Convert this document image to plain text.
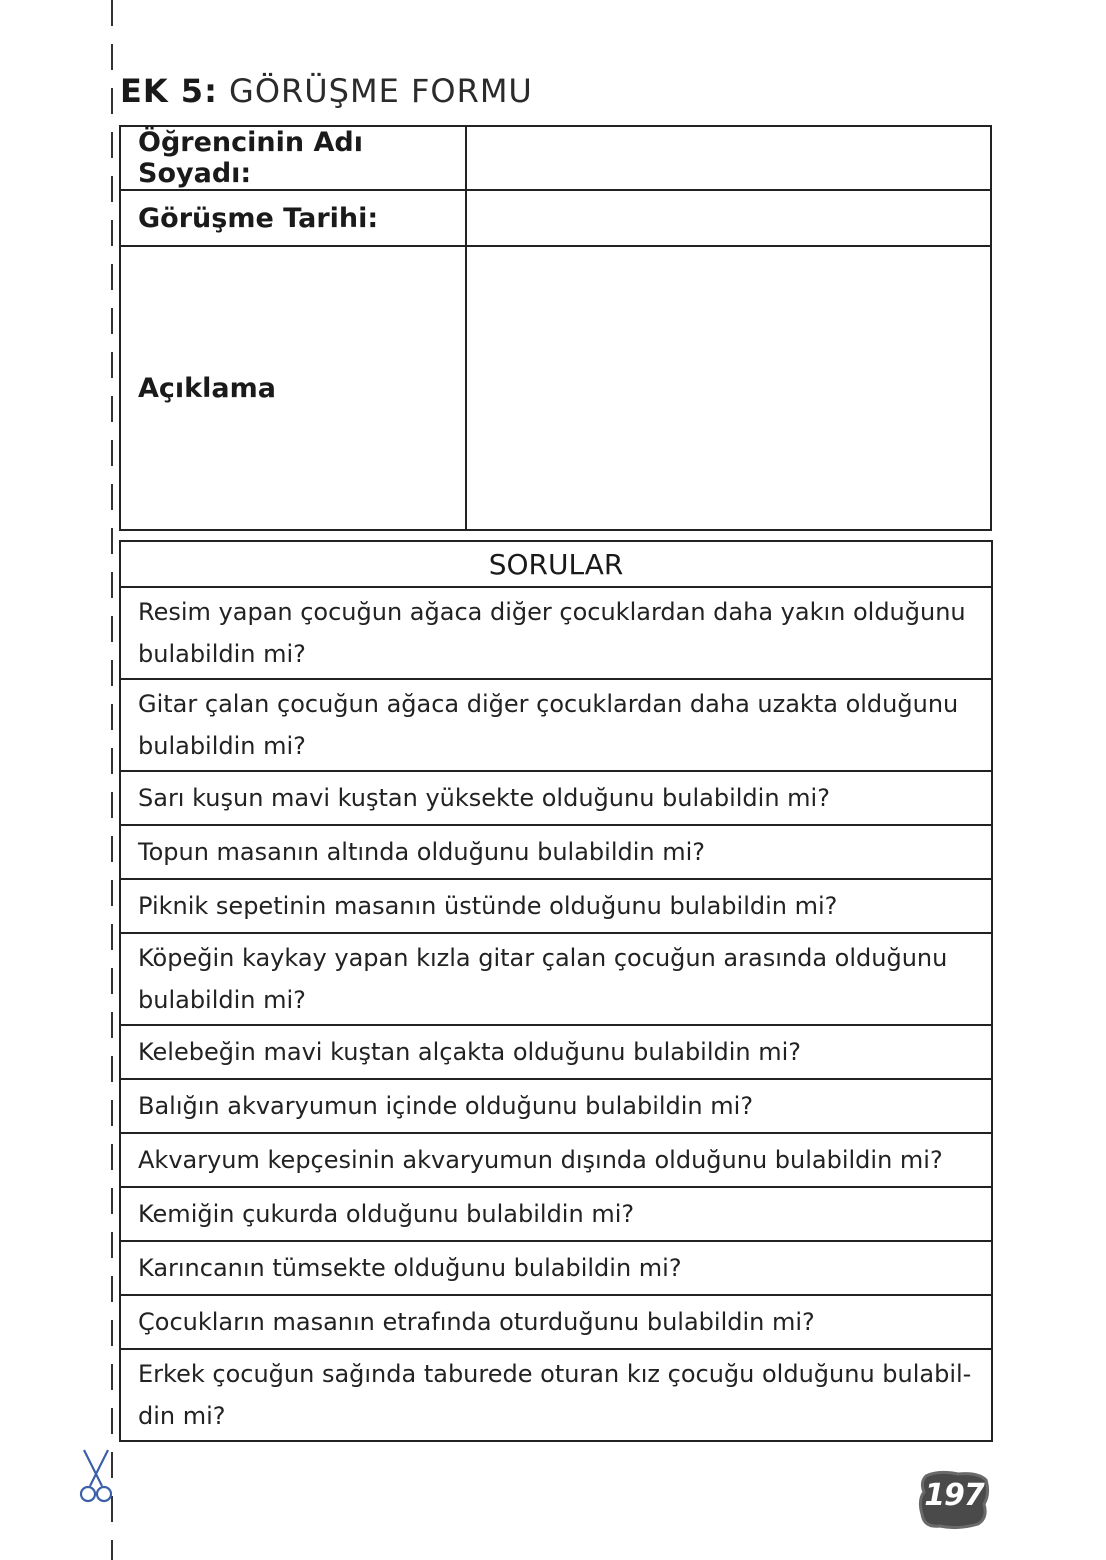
EK 5: GÖRÜŞME FORMU
Öğrencinin Adı Soyadı:	
Görüşme Tarihi:	
Açıklama	
SORULAR
Resim yapan çocuğun ağaca diğer çocuklardan daha yakın olduğunu bulabildin mi?
Gitar çalan çocuğun ağaca diğer çocuklardan daha uzakta olduğunu bulabildin mi?
Sarı kuşun mavi kuştan yüksekte olduğunu bulabildin mi?
Topun masanın altında olduğunu bulabildin mi?
Piknik sepetinin masanın üstünde olduğunu bulabildin mi?
Köpeğin kaykay yapan kızla gitar çalan çocuğun arasında olduğunu bulabildin mi?
Kelebeğin mavi kuştan alçakta olduğunu bulabildin mi?
Balığın akvaryumun içinde olduğunu bulabildin mi?
Akvaryum kepçesinin akvaryumun dışında olduğunu bulabildin mi?
Kemiğin çukurda olduğunu bulabildin mi?
Karıncanın tümsekte olduğunu bulabildin mi?
Çocukların masanın etrafında oturduğunu bulabildin mi?
Erkek çocuğun sağında taburede oturan kız çocuğu olduğunu bulabil-din mi?
197
